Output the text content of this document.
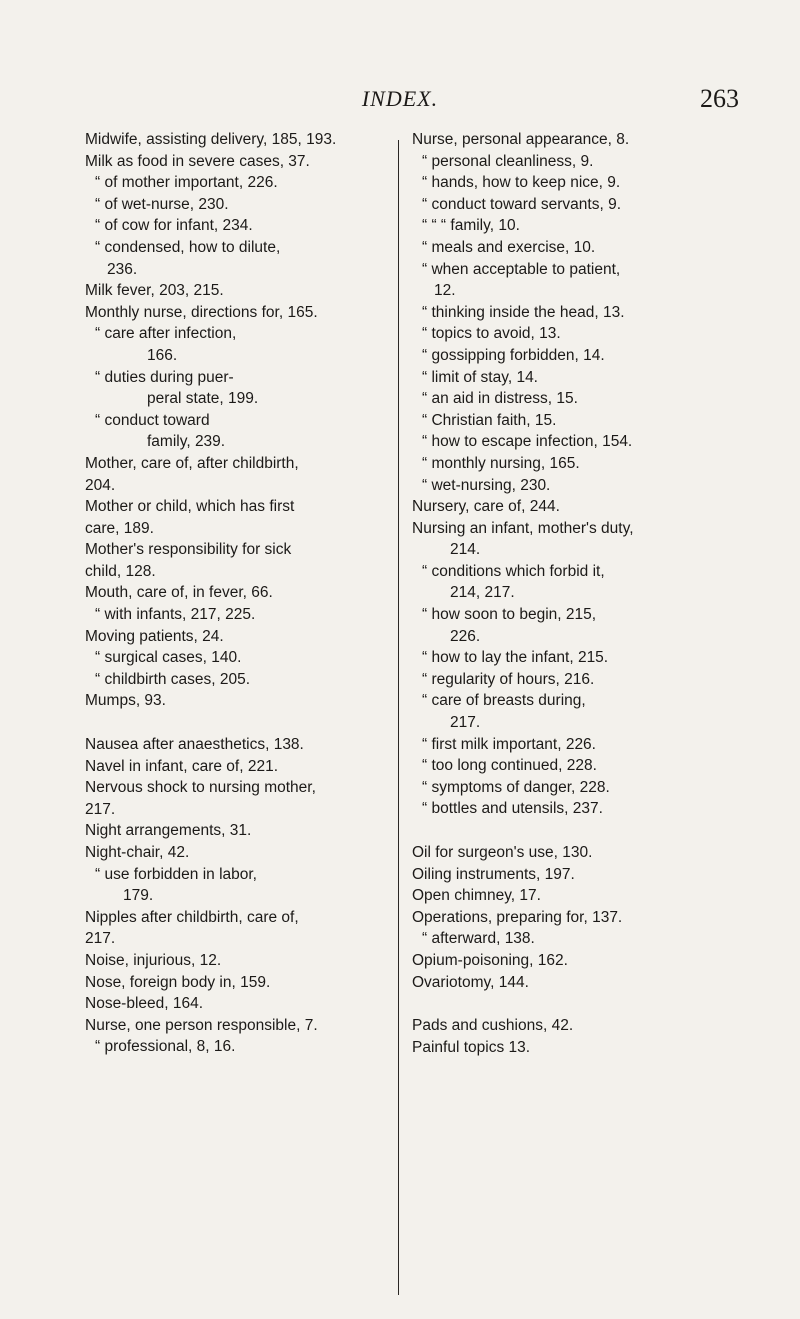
INDEX.	263
Midwife, assisting delivery, 185, 193.
Milk as food in severe cases, 37.
“ of mother important, 226.
“ of wet-nurse, 230.
“ of cow for infant, 234.
“ condensed, how to dilute,
236.
Milk fever, 203, 215.
Monthly nurse, directions for, 165.
“ care after infection,
166.
“ duties during puer-
peral state, 199.
“ conduct toward
family, 239.
Mother, care of, after childbirth,
204.
Mother or child, which has first
care, 189.
Mother's responsibility for sick
child, 128.
Mouth, care of, in fever, 66.
“ with infants, 217, 225.
Moving patients, 24.
“ surgical cases, 140.
“ childbirth cases, 205.
Mumps, 93.
Nausea after anaesthetics, 138.
Navel in infant, care of, 221.
Nervous shock to nursing mother,
217.
Night arrangements, 31.
Night-chair, 42.
“ use forbidden in labor,
179.
Nipples after childbirth, care of,
217.
Noise, injurious, 12.
Nose, foreign body in, 159.
Nose-bleed, 164.
Nurse, one person responsible, 7.
“ professional, 8, 16.
Nurse, personal appearance, 8.
“ personal cleanliness, 9.
“ hands, how to keep nice, 9.
“ conduct toward servants, 9.
“ “ “ family, 10.
“ meals and exercise, 10.
“ when acceptable to patient,
12.
“ thinking inside the head, 13.
“ topics to avoid, 13.
“ gossipping forbidden, 14.
“ limit of stay, 14.
“ an aid in distress, 15.
“ Christian faith, 15.
“ how to escape infection, 154.
“ monthly nursing, 165.
“ wet-nursing, 230.
Nursery, care of, 244.
Nursing an infant, mother's duty,
214.
“ conditions which forbid it,
214, 217.
“ how soon to begin, 215,
226.
“ how to lay the infant, 215.
“ regularity of hours, 216.
“ care of breasts during,
217.
“ first milk important, 226.
“ too long continued, 228.
“ symptoms of danger, 228.
“ bottles and utensils, 237.
Oil for surgeon's use, 130.
Oiling instruments, 197.
Open chimney, 17.
Operations, preparing for, 137.
“ afterward, 138.
Opium-poisoning, 162.
Ovariotomy, 144.
Pads and cushions, 42.
Painful topics 13.
